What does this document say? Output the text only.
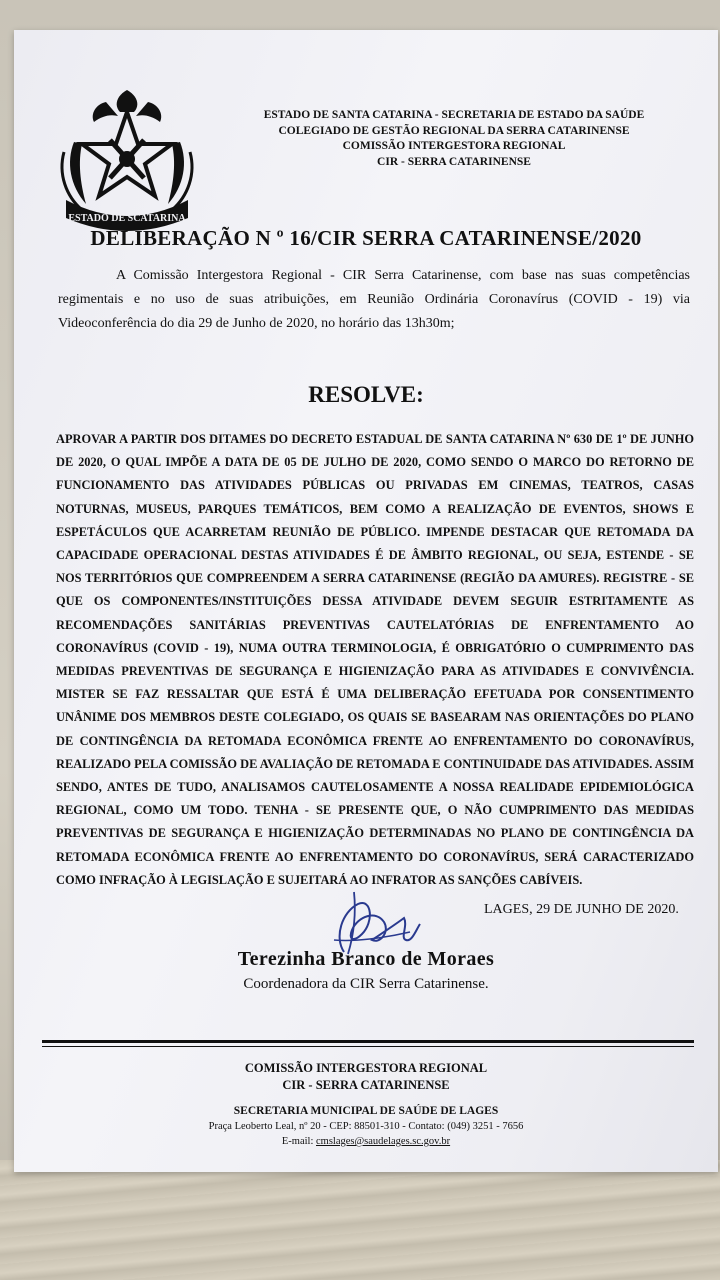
ESTADO DE SCATARINA
ESTADO DE SANTA CATARINA - SECRETARIA DE ESTADO DA SAÚDE
COLEGIADO DE GESTÃO REGIONAL DA SERRA CATARINENSE
COMISSÃO INTERGESTORA REGIONAL
CIR - SERRA CATARINENSE
DELIBERAÇÃO N º 16/CIR SERRA CATARINENSE/2020
A Comissão Intergestora Regional - CIR Serra Catarinense, com base nas suas competências regimentais e no uso de suas atribuições, em Reunião Ordinária Coronavírus (COVID - 19) via Videoconferência do dia 29 de Junho de 2020, no horário das 13h30m;
RESOLVE:
APROVAR A PARTIR DOS DITAMES DO DECRETO ESTADUAL DE SANTA CATARINA Nº 630 DE 1º DE JUNHO DE 2020, O QUAL IMPÕE A DATA DE 05 DE JULHO DE 2020, COMO SENDO O MARCO DO RETORNO DE FUNCIONAMENTO DAS ATIVIDADES PÚBLICAS OU PRIVADAS EM CINEMAS, TEATROS, CASAS NOTURNAS, MUSEUS, PARQUES TEMÁTICOS, BEM COMO A REALIZAÇÃO DE EVENTOS, SHOWS E ESPETÁCULOS QUE ACARRETAM REUNIÃO DE PÚBLICO. IMPENDE DESTACAR QUE RETOMADA DA CAPACIDADE OPERACIONAL DESTAS ATIVIDADES É DE ÂMBITO REGIONAL, OU SEJA, ESTENDE - SE NOS TERRITÓRIOS QUE COMPREENDEM A SERRA CATARINENSE (REGIÃO DA AMURES). REGISTRE - SE QUE OS COMPONENTES/INSTITUIÇÕES DESSA ATIVIDADE DEVEM SEGUIR ESTRITAMENTE AS RECOMENDAÇÕES SANITÁRIAS PREVENTIVAS CAUTELATÓRIAS DE ENFRENTAMENTO AO CORONAVÍRUS (COVID - 19), NUMA OUTRA TERMINOLOGIA, É OBRIGATÓRIO O CUMPRIMENTO DAS MEDIDAS PREVENTIVAS DE SEGURANÇA E HIGIENIZAÇÃO PARA AS ATIVIDADES E CONVIVÊNCIA. MISTER SE FAZ RESSALTAR QUE ESTÁ É UMA DELIBERAÇÃO EFETUADA POR CONSENTIMENTO UNÂNIME DOS MEMBROS DESTE COLEGIADO, OS QUAIS SE BASEARAM NAS ORIENTAÇÕES DO PLANO DE CONTINGÊNCIA DA RETOMADA ECONÔMICA FRENTE AO ENFRENTAMENTO DO CORONAVÍRUS, REALIZADO PELA COMISSÃO DE AVALIAÇÃO DE RETOMADA E CONTINUIDADE DAS ATIVIDADES. ASSIM SENDO, ANTES DE TUDO, ANALISAMOS CAUTELOSAMENTE A NOSSA REALIDADE EPIDEMIOLÓGICA REGIONAL, COMO UM TODO. TENHA - SE PRESENTE QUE, O NÃO CUMPRIMENTO DAS MEDIDAS PREVENTIVAS DE SEGURANÇA E HIGIENIZAÇÃO DETERMINADAS NO PLANO DE CONTINGÊNCIA DA RETOMADA ECONÔMICA FRENTE AO ENFRENTAMENTO DO CORONAVÍRUS, SERÁ CARACTERIZADO COMO INFRAÇÃO À LEGISLAÇÃO E SUJEITARÁ AO INFRATOR AS SANÇÕES CABÍVEIS.
LAGES, 29 DE JUNHO DE 2020.
Terezinha Branco de Moraes
Coordenadora da CIR Serra Catarinense.
COMISSÃO INTERGESTORA REGIONAL
CIR - SERRA CATARINENSE
SECRETARIA MUNICIPAL DE SAÚDE DE LAGES
Praça Leoberto Leal, nº 20 - CEP: 88501-310 - Contato: (049) 3251 - 7656
E-mail: cmslages@saudelages.sc.gov.br
